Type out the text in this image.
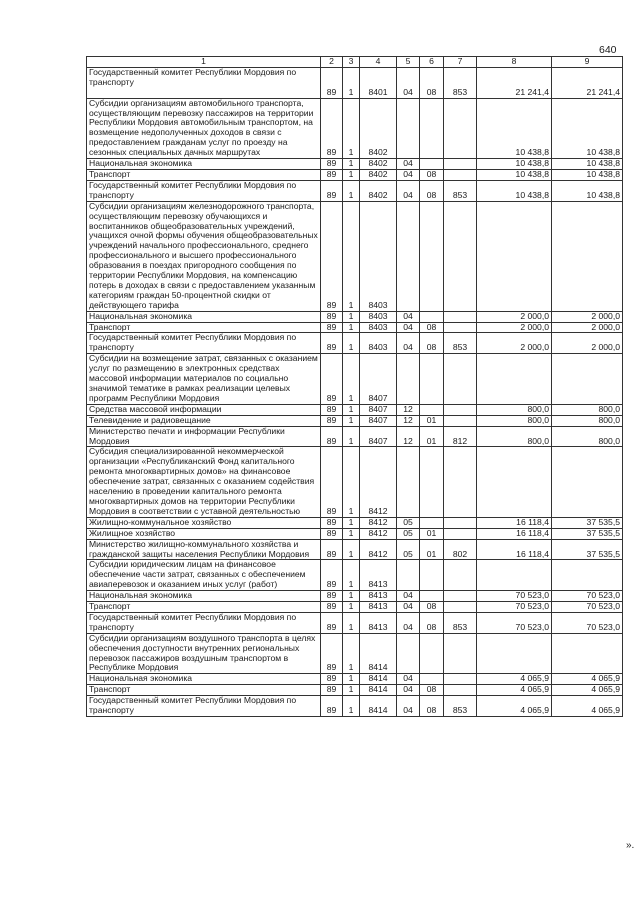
640
1	2	3	4	5	6	7	8	9
Государственный комитет Республики Мордовия по транспорту								
	89	1	8401	04	08	853	21 241,4	21 241,4
Субсидии организациям автомобильного транспорта, осуществляющим перевозку пассажиров на территории Республики Мордовия автомобильным транспортом, на возмещение недополученных доходов в связи с предоставлением гражданам услуг по проезду на сезонных специальных дачных маршрутах	89	1	8402				10 438,8	10 438,8
Национальная экономика	89	1	8402	04			10 438,8	10 438,8
Транспорт	89	1	8402	04	08		10 438,8	10 438,8
Государственный комитет Республики Мордовия по транспорту	89	1	8402	04	08	853	10 438,8	10 438,8
Субсидии организациям железнодорожного транспорта, осуществляющим перевозку обучающихся и воспитанников общеобразовательных учреждений, учащихся очной формы обучения общеобразовательных учреждений начального профессионального, среднего профессионального и высшего профессионального образования в поездах пригородного сообщения по территории Республики Мордовия, на компенсацию потерь в доходах в связи с предоставлением указанным категориям граждан 50-процентной скидки от действующего тарифа	89	1	8403					
Национальная экономика	89	1	8403	04			2 000,0	2 000,0
Транспорт	89	1	8403	04	08		2 000,0	2 000,0
Государственный комитет Республики Мордовия по транспорту	89	1	8403	04	08	853	2 000,0	2 000,0
Субсидии на возмещение затрат, связанных с оказанием услуг по размещению в электронных средствах массовой информации материалов по социально значимой тематике в рамках реализации целевых программ Республики Мордовия	89	1	8407					
Средства массовой информации	89	1	8407	12			800,0	800,0
Телевидение и радиовещание	89	1	8407	12	01		800,0	800,0
Министерство печати и информации Республики Мордовия	89	1	8407	12	01	812	800,0	800,0
Субсидия специализированной некоммерческой организации «Республиканский Фонд капитального ремонта многоквартирных домов» на финансовое обеспечение затрат, связанных с оказанием содействия населению в проведении капитального ремонта многоквартирных домов на территории Республики Мордовия в соответствии с уставной деятельностью	89	1	8412					
Жилищно-коммунальное хозяйство	89	1	8412	05			16 118,4	37 535,5
Жилищное хозяйство	89	1	8412	05	01		16 118,4	37 535,5
Министерство жилищно-коммунального хозяйства и гражданской защиты населения Республики Мордовия	89	1	8412	05	01	802	16 118,4	37 535,5
Субсидии юридическим лицам на финансовое обеспечение части затрат, связанных с обеспечением авиаперевозок и оказанием иных услуг (работ)	89	1	8413					
Национальная экономика	89	1	8413	04			70 523,0	70 523,0
Транспорт	89	1	8413	04	08		70 523,0	70 523,0
Государственный комитет Республики Мордовия по транспорту	89	1	8413	04	08	853	70 523,0	70 523,0
Субсидии организациям воздушного транспорта в целях обеспечения доступности внутренних региональных перевозок пассажиров воздушным транспортом в Республике Мордовия	89	1	8414					
Национальная экономика	89	1	8414	04			4 065,9	4 065,9
Транспорт	89	1	8414	04	08		4 065,9	4 065,9
Государственный комитет Республики Мордовия по транспорту	89	1	8414	04	08	853	4 065,9	4 065,9
».
